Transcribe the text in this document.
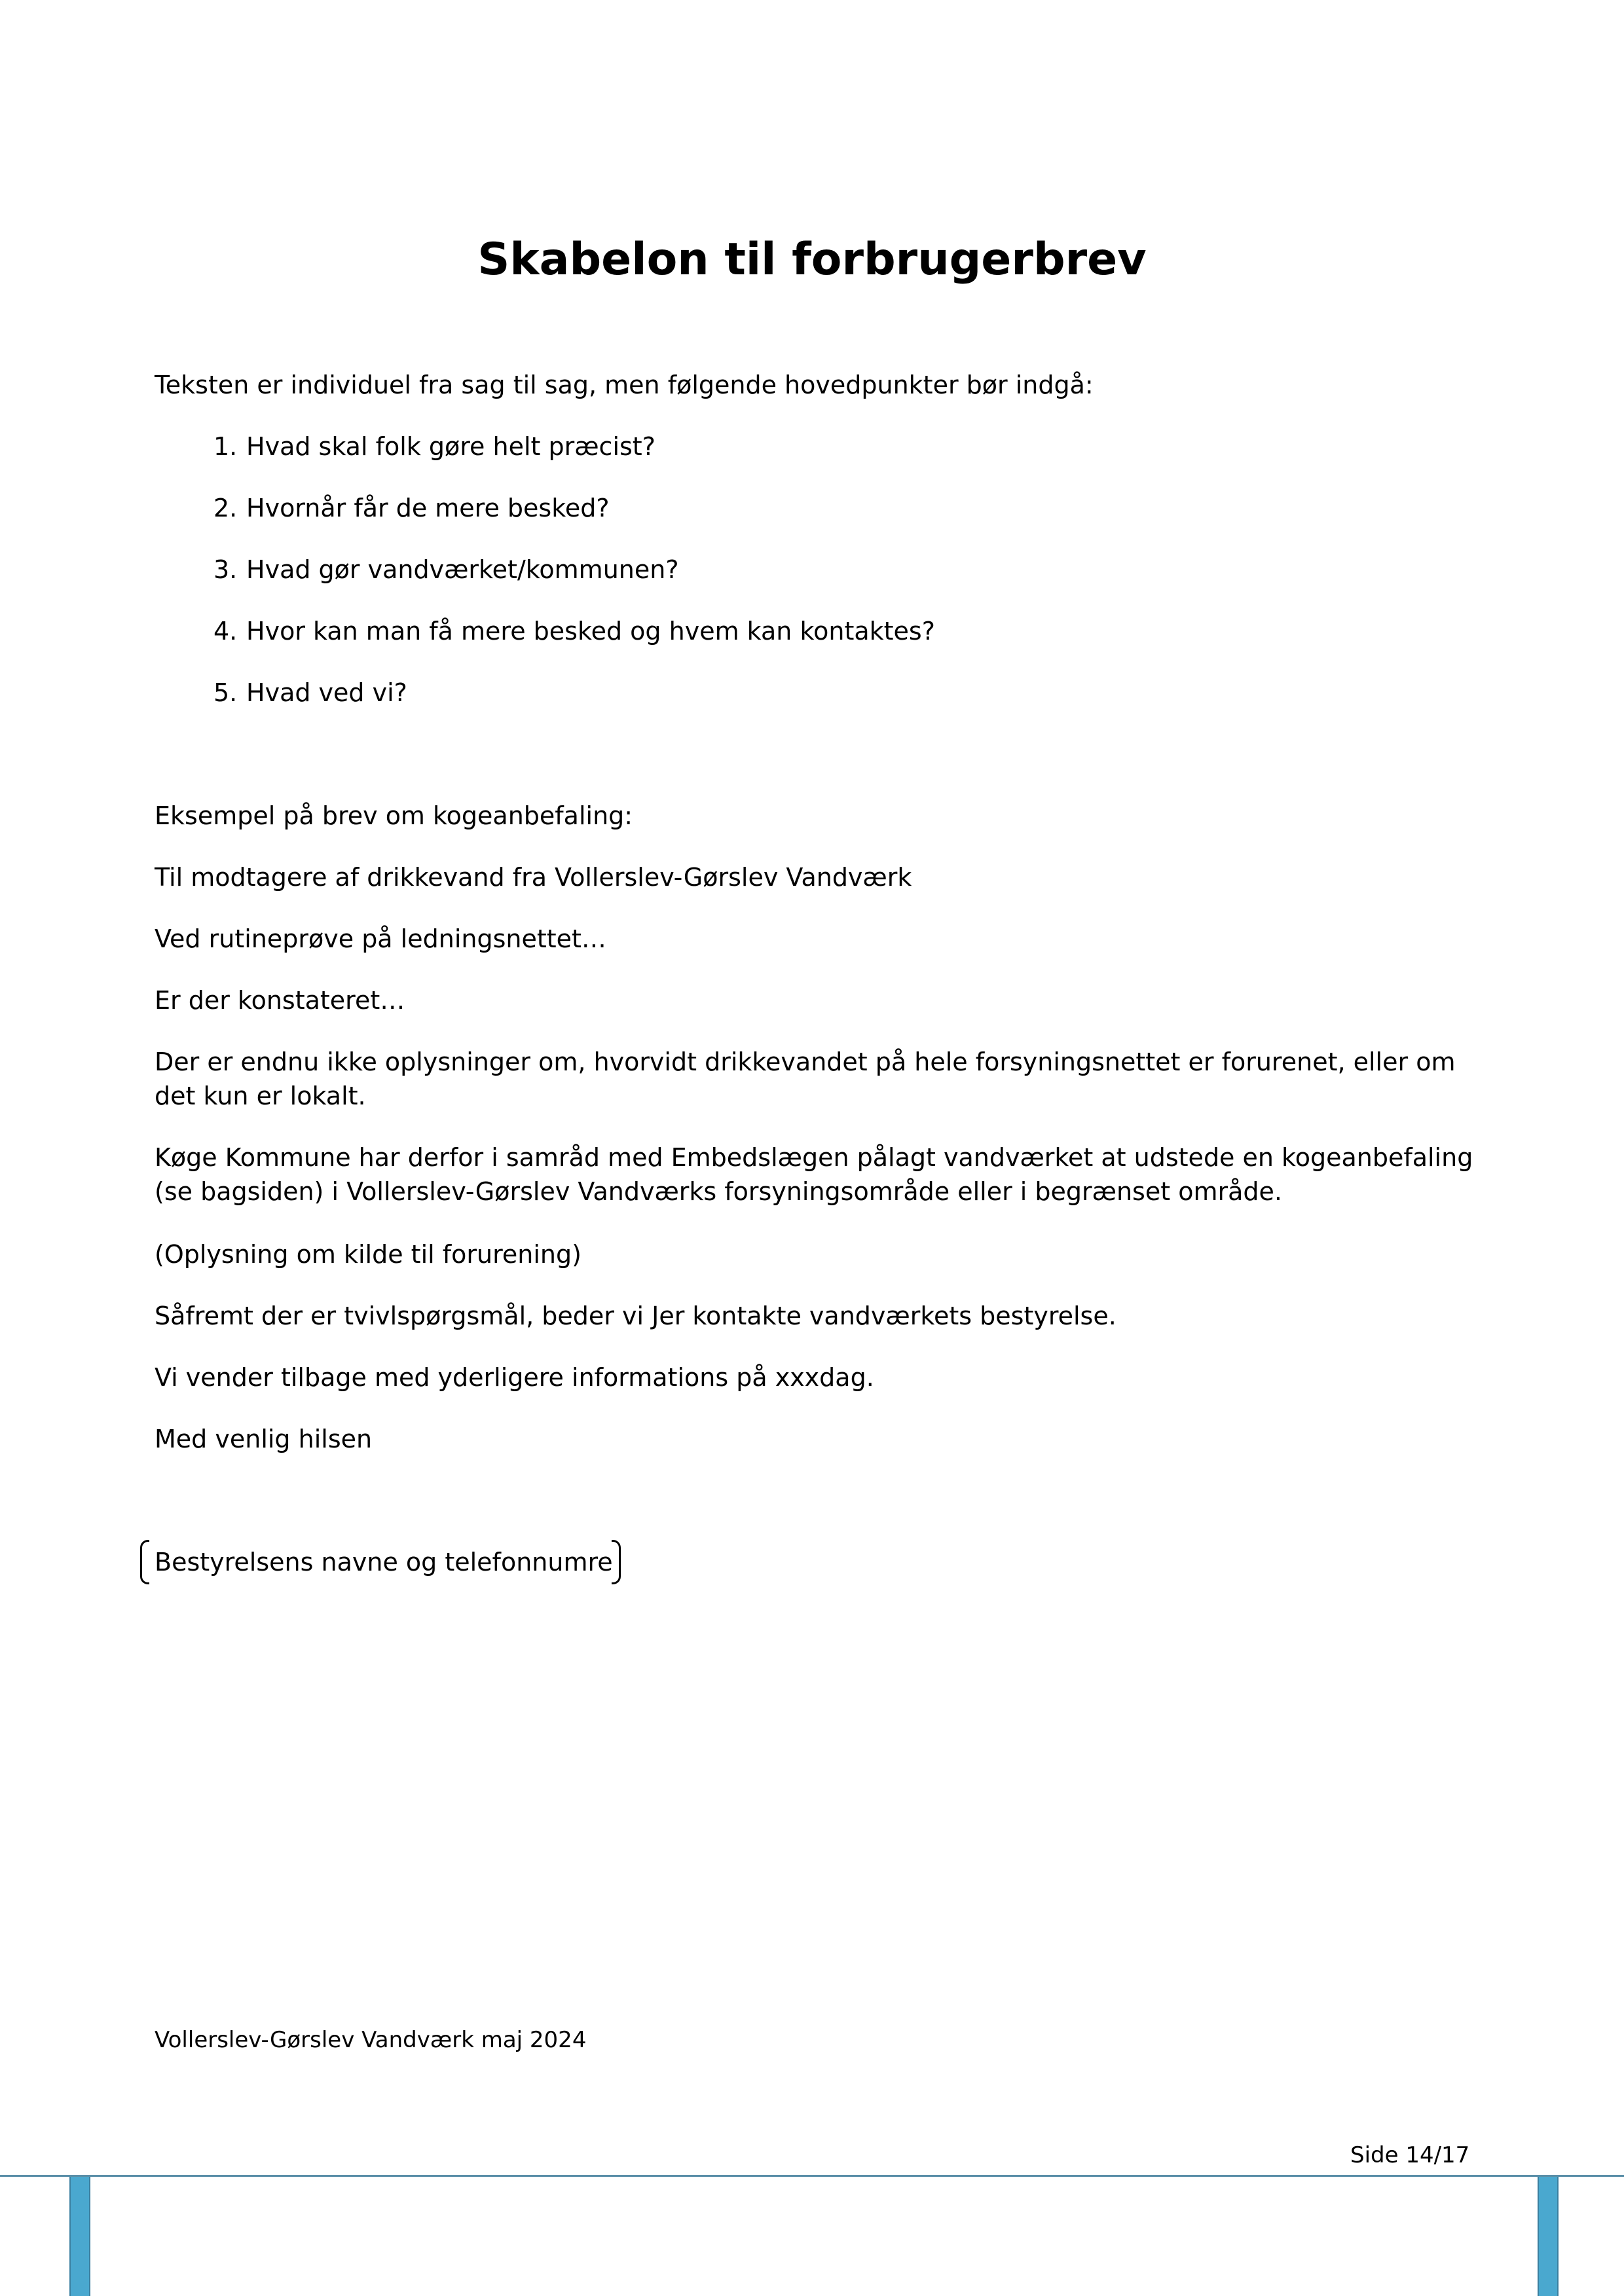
Skabelon til forbrugerbrev

Teksten er individuel fra sag til sag, men følgende hovedpunkter bør indgå:

1. Hvad skal folk gøre helt præcist?
2. Hvornår får de mere besked?
3. Hvad gør vandværket/kommunen?
4. Hvor kan man få mere besked og hvem kan kontaktes?
5. Hvad ved vi?

Eksempel på brev om kogeanbefaling:

Til modtagere af drikkevand fra Vollerslev-Gørslev Vandværk

Ved rutineprøve på ledningsnettet…

Er der konstateret…

Der er endnu ikke oplysninger om, hvorvidt drikkevandet på hele forsyningsnettet er forurenet, eller om det kun er lokalt.

Køge Kommune har derfor i samråd med Embedslægen pålagt vandværket at udstede en kogeanbefaling (se bagsiden) i Vollerslev-Gørslev Vandværks forsyningsområde eller i begrænset område.

(Oplysning om kilde til forurening)

Såfremt der er tvivlspørgsmål, beder vi Jer kontakte vandværkets bestyrelse.

Vi vender tilbage med yderligere informations på xxxdag.

Med venlig hilsen

Bestyrelsens navne og telefonnumre

Vollerslev-Gørslev Vandværk maj 2024
Side 14/17
